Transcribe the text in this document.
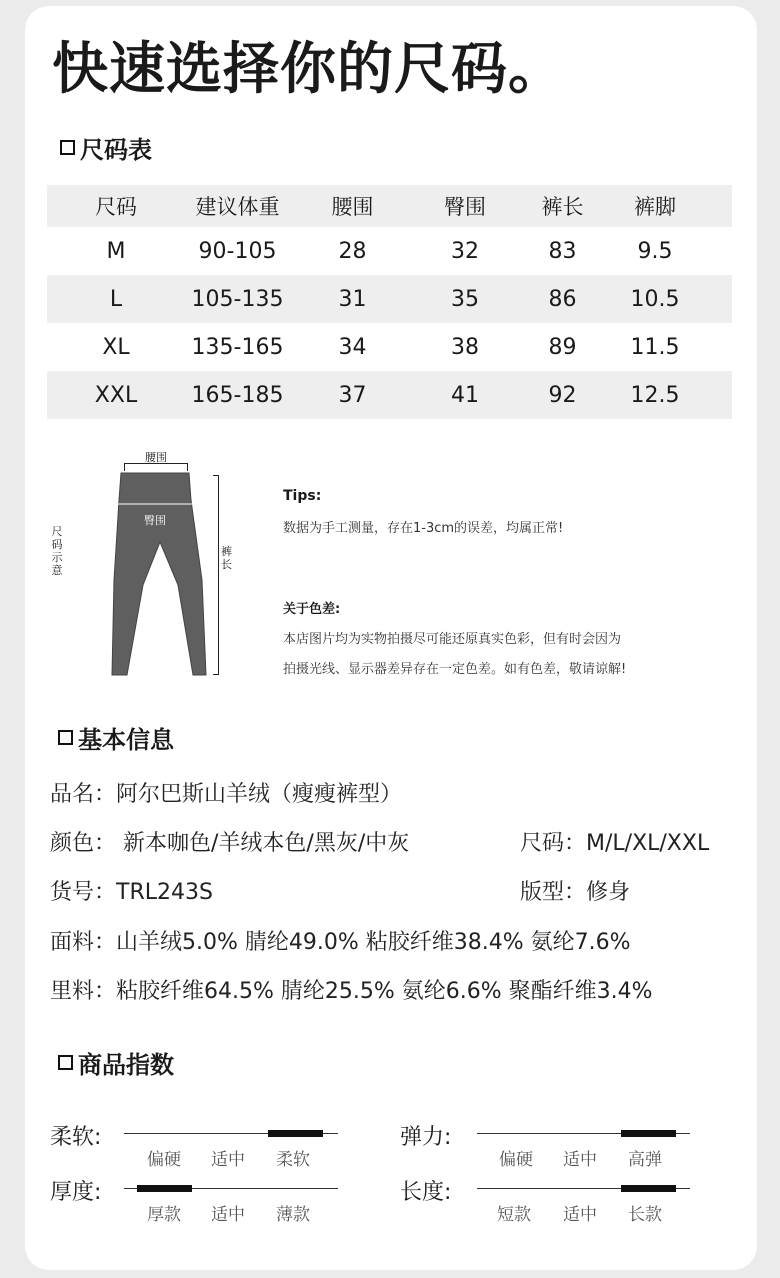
快速选择你的尺码。
尺码表
尺码	建议体重	腰围	臀围	裤长	裤脚
M	90-105	28	32	83	9.5
L	105-135	31	35	86	10.5
XL	135-165	34	38	89	11.5
XXL	165-185	37	41	92	12.5
尺码示意
腰围
臀围
裤长
Tips:
数据为手工测量，存在1-3cm的误差，均属正常!
关于色差:
本店图片均为实物拍摄尽可能还原真实色彩，但有时会因为
拍摄光线、显示器差异存在一定色差。如有色差，敬请谅解!
基本信息
品名：阿尔巴斯山羊绒（瘦瘦裤型）
颜色： 新本咖色/羊绒本色/黑灰/中灰	尺码：M/L/XL/XXL
货号：TRL243S	版型：修身
面料：山羊绒5.0% 腈纶49.0% 粘胶纤维38.4% 氨纶7.6%
里料：粘胶纤维64.5% 腈纶25.5% 氨纶6.6% 聚酯纤维3.4%
商品指数
柔软:
偏硬 适中 柔软
弹力:
偏硬 适中 高弹
厚度:
厚款 适中 薄款
长度:
短款 适中 长款
